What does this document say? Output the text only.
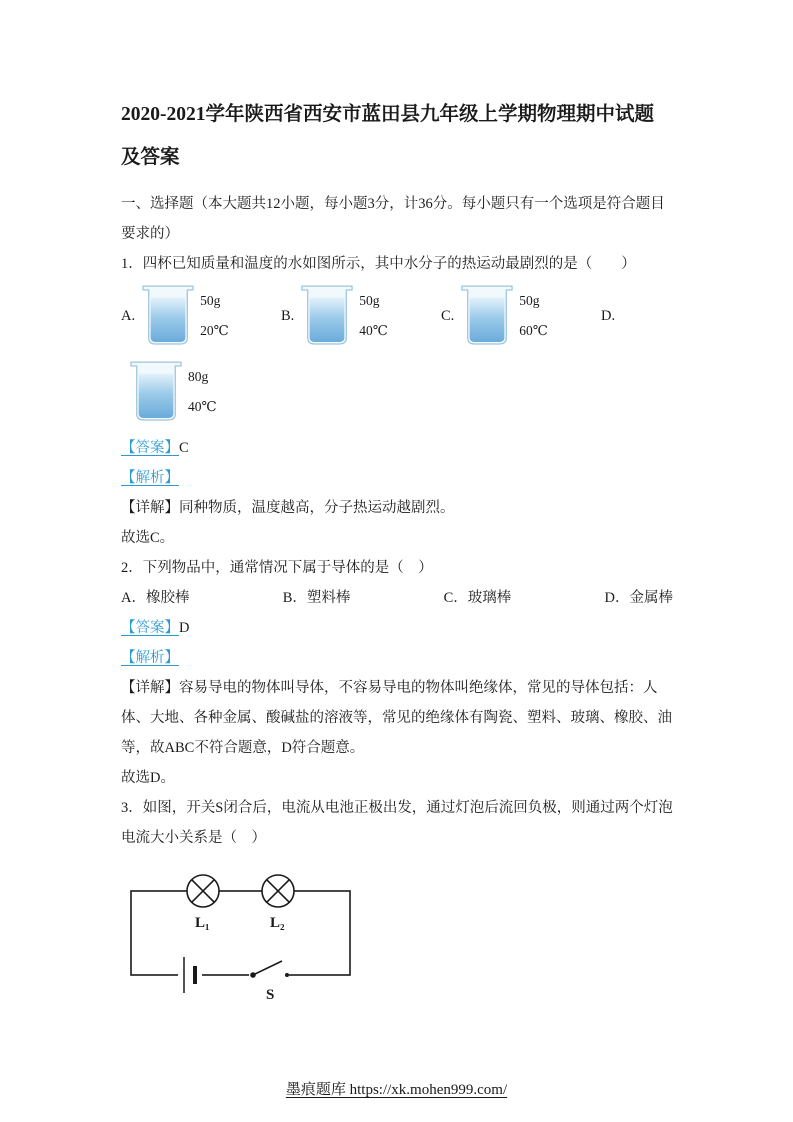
2020-2021学年陕西省西安市蓝田县九年级上学期物理期中试题及答案

一、选择题（本大题共12小题，每小题3分，计36分。每小题只有一个选项是符合题目要求的）

1．四杯已知质量和温度的水如图所示，其中水分子的热运动最剧烈的是（　　）

A.
50g
20℃
B.
50g
40℃
C.
50g
60℃
D.
80g
40℃

【答案】C

【解析】

【详解】同种物质，温度越高，分子热运动越剧烈。

故选C。

2．下列物品中，通常情况下属于导体的是（　）

A．橡胶棒	B．塑料棒	C．玻璃棒	D．金属棒

【答案】D

【解析】

【详解】容易导电的物体叫导体，不容易导电的物体叫绝缘体，常见的导体包括：人体、大地、各种金属、酸碱盐的溶液等，常见的绝缘体有陶瓷、塑料、玻璃、橡胶、油等，故ABC不符合题意，D符合题意。

故选D。

3．如图，开关S闭合后，电流从电池正极出发，通过灯泡后流回负极，则通过两个灯泡电流大小关系是（　）

L₁	L₂
S
墨痕题库 https://xk.mohen999.com/
